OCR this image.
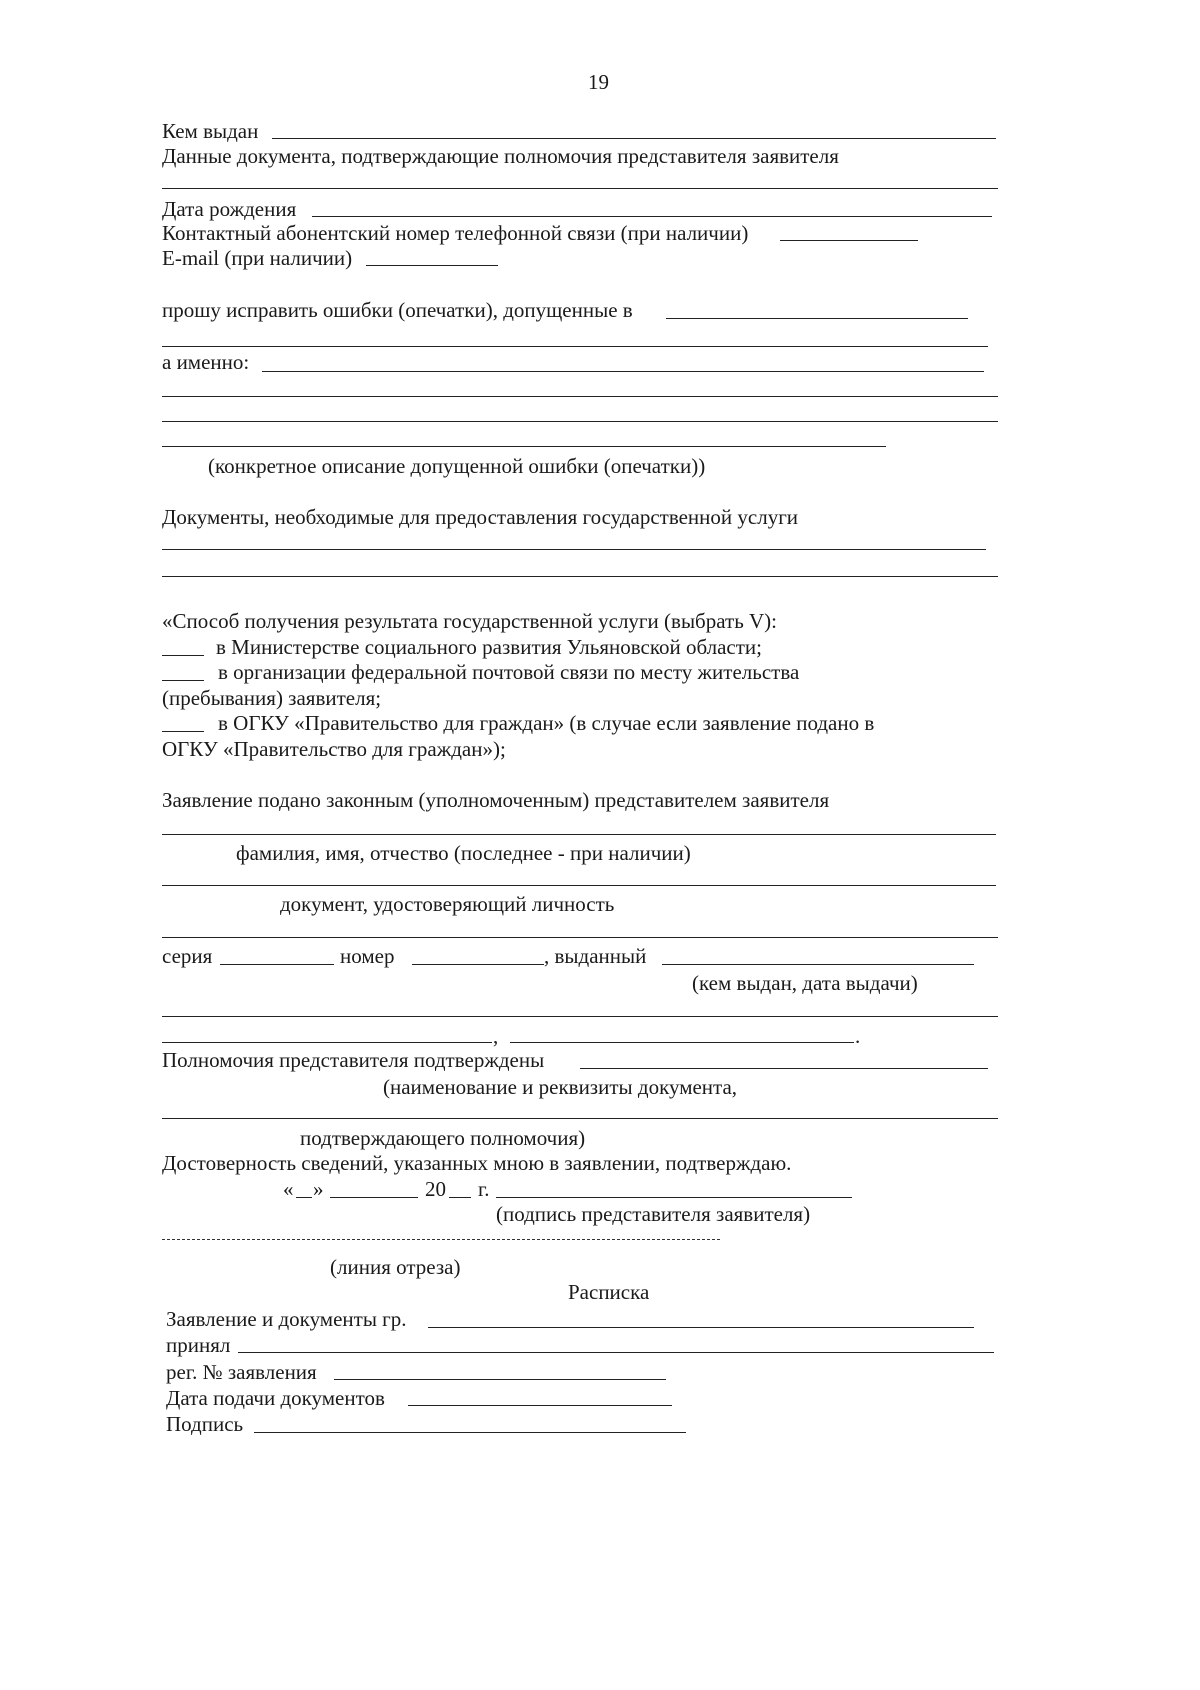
19
Кем выдан
Данные документа, подтверждающие полномочия представителя заявителя
Дата рождения
Контактный абонентский номер телефонной связи (при наличии)
E-mail (при наличии)
прошу исправить ошибки (опечатки), допущенные в
а именно:
(конкретное описание допущенной ошибки (опечатки))
Документы, необходимые для предоставления государственной услуги
«Способ получения результата государственной услуги (выбрать V):
в Министерстве социального развития Ульяновской области;
в организации федеральной почтовой связи по месту жительства
(пребывания) заявителя;
в ОГКУ «Правительство для граждан» (в случае если заявление подано в
ОГКУ «Правительство для граждан»);
Заявление подано законным (уполномоченным) представителем заявителя
фамилия, имя, отчество (последнее - при наличии)
документ, удостоверяющий личность
серия	номер	, выданный
(кем выдан, дата выдачи)
,	.
Полномочия представителя подтверждены
(наименование и реквизиты документа,
подтверждающего полномочия)
Достоверность сведений, указанных мною в заявлении, подтверждаю.
« »	20 г.
(подпись представителя заявителя)
(линия отреза)
Расписка
Заявление и документы гр.
принял
рег. № заявления
Дата подачи документов
Подпись
